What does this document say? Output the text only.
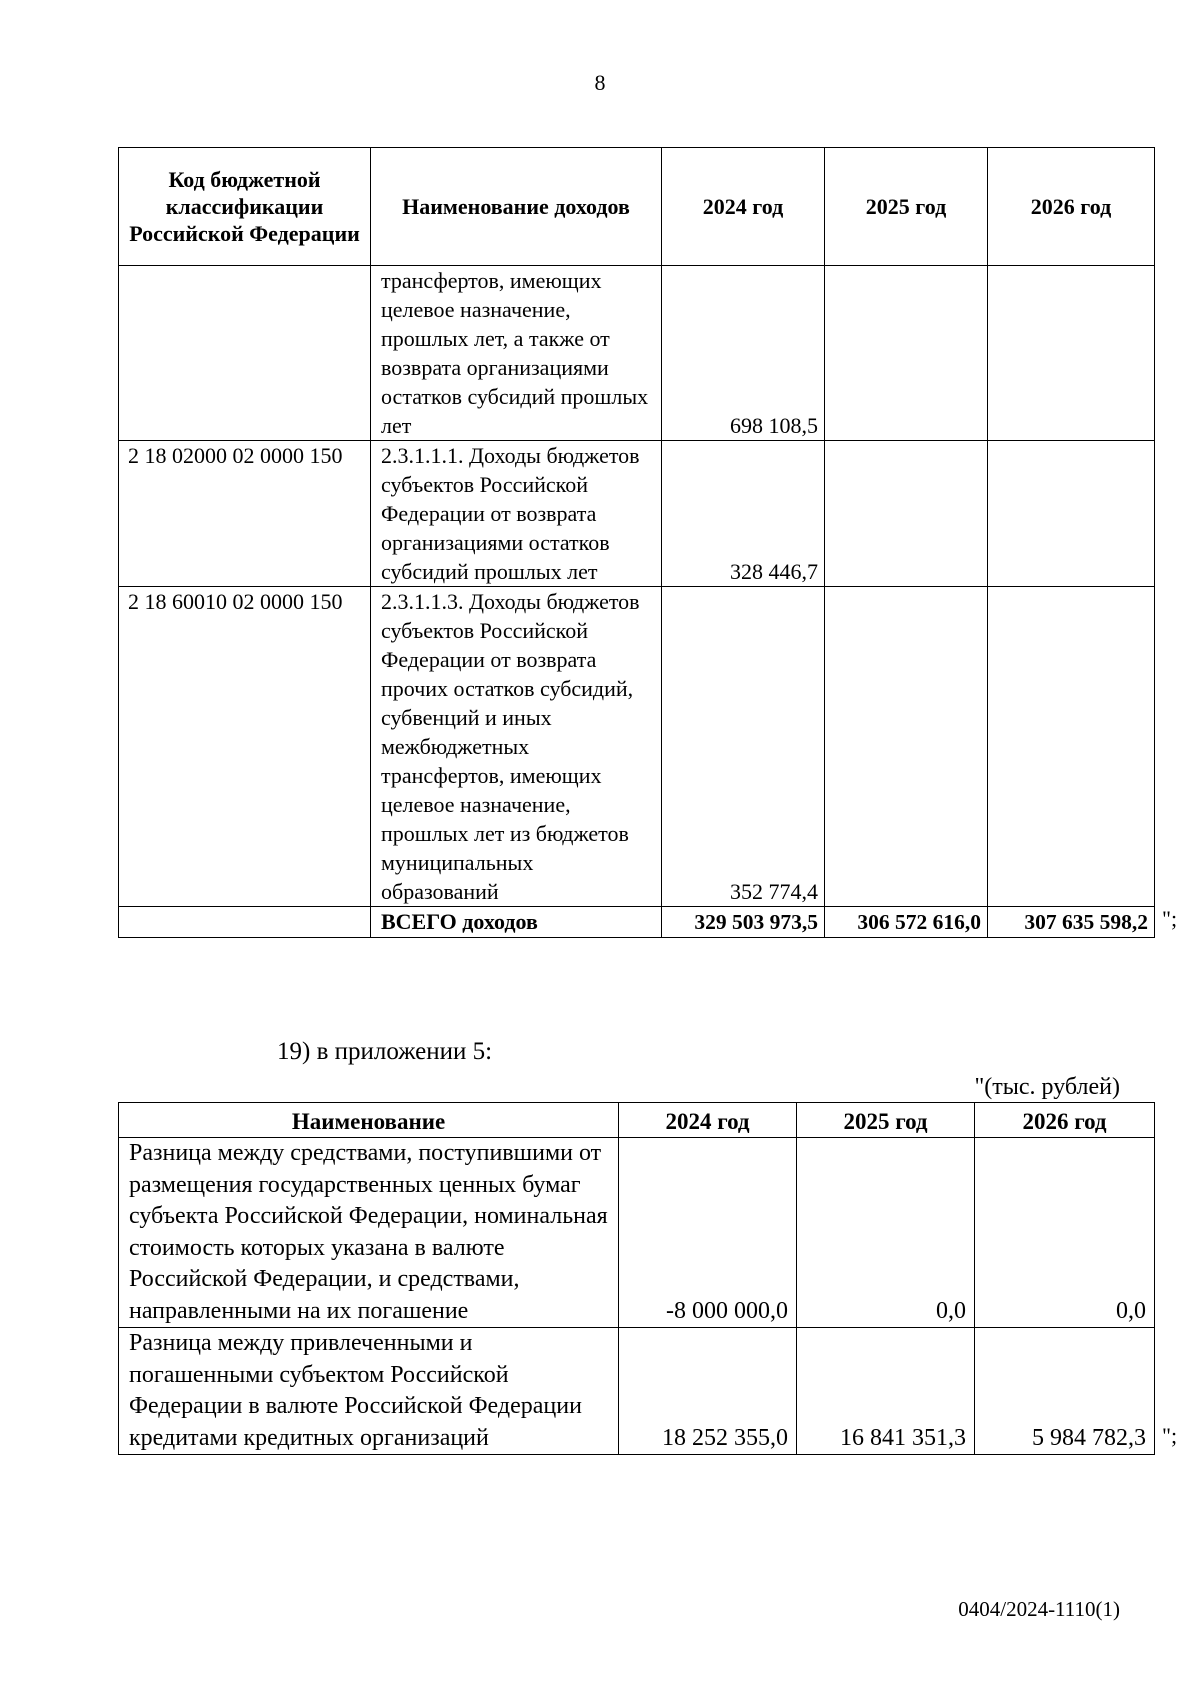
8
Код бюджетной классификации Российской Федерации	Наименование доходов	2024 год	2025 год	2026 год
	трансфертов, имеющих целевое назначение, прошлых лет, а также от возврата организациями остатков субсидий прошлых лет	698 108,5		
2 18 02000 02 0000 150	2.3.1.1.1. Доходы бюджетов субъектов Российской Федерации от возврата организациями остатков субсидий прошлых лет	328 446,7		
2 18 60010 02 0000 150	2.3.1.1.3. Доходы бюджетов субъектов Российской Федерации от возврата прочих остатков субсидий, субвенций и иных межбюджетных трансфертов, имеющих целевое назначение, прошлых лет из бюджетов муниципальных образований	352 774,4		
	ВСЕГО доходов	329 503 973,5	306 572 616,0	307 635 598,2 ";
19) в приложении 5:
"(тыс. рублей)
Наименование	2024 год	2025 год	2026 год
Разница между средствами, поступившими от размещения государственных ценных бумаг субъекта Российской Федерации, номинальная стоимость которых указана в валюте Российской Федерации, и средствами, направленными на их погашение	-8 000 000,0	0,0	0,0
Разница между привлеченными и погашенными субъектом Российской Федерации в валюте Российской Федерации кредитами кредитных организаций	18 252 355,0	16 841 351,3	5 984 782,3 ";
0404/2024-1110(1)
